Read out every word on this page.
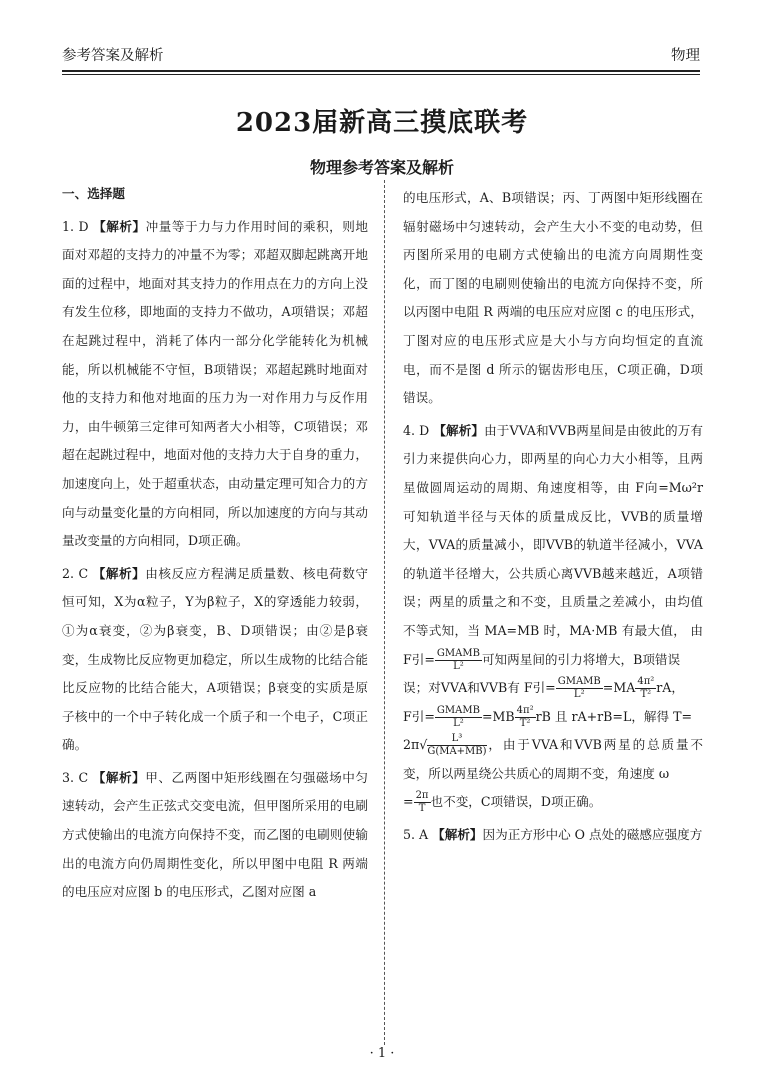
参考答案及解析	物理
2023届新高三摸底联考
物理参考答案及解析

一、选择题

1. D 【解析】冲量等于力与力作用时间的乘积，则地面对邓超的支持力的冲量不为零；邓超双脚起跳离开地面的过程中，地面对其支持力的作用点在力的方向上没有发生位移，即地面的支持力不做功，A项错误；邓超在起跳过程中，消耗了体内一部分化学能转化为机械能，所以机械能不守恒，B项错误；邓超起跳时地面对他的支持力和他对地面的压力为一对作用力与反作用力，由牛顿第三定律可知两者大小相等，C项错误；邓超在起跳过程中，地面对他的支持力大于自身的重力，加速度向上，处于超重状态，由动量定理可知合力的方向与动量变化量的方向相同，所以加速度的方向与其动量改变量的方向相同，D项正确。

2. C 【解析】由核反应方程满足质量数、核电荷数守恒可知，X为α粒子，Y为β粒子，X的穿透能力较弱，①为α衰变，②为β衰变，B、D项错误；由②是β衰变，生成物比反应物更加稳定，所以生成物的比结合能比反应物的比结合能大，A项错误；β衰变的实质是原子核中的一个中子转化成一个质子和一个电子，C项正确。

3. C 【解析】甲、乙两图中矩形线圈在匀强磁场中匀速转动，会产生正弦式交变电流，但甲图所采用的电刷方式使输出的电流方向保持不变，而乙图的电刷则使输出的电流方向仍周期性变化，所以甲图中电阻 R 两端的电压应对应图 b 的电压形式，乙图对应图 a

的电压形式，A、B项错误；丙、丁两图中矩形线圈在辐射磁场中匀速转动，会产生大小不变的电动势，但丙图所采用的电刷方式使输出的电流方向周期性变化，而丁图的电刷则使输出的电流方向保持不变，所以丙图中电阻 R 两端的电压应对应图 c 的电压形式，丁图对应的电压形式应是大小与方向均恒定的直流电，而不是图 d 所示的锯齿形电压，C项正确，D项错误。

4. D 【解析】由于VVA和VVB两星间是由彼此的万有引力来提供向心力，即两星的向心力大小相等，且两星做圆周运动的周期、角速度相等，由 F向=Mω²r 可知轨道半径与天体的质量成反比，VVB的质量增大，VVA的质量减小，即VVB的轨道半径减小，VVA的轨道半径增大，公共质心离VVB越来越近，A项错误；两星的质量之和不变，且质量之差减小，由均值不等式知，当 MA=MB 时，MA·MB 有最大值， 由 F引= $\frac{\text{GMAMB}}{\text{L²}}$ 可知两星间的引力将增大，B项错误
误；对VVA和VVB有 F引= $\frac{\text{GMAMB}}{\text{L²}} =MA \frac{\text{4π²}}{\text{T²}}$ rA，
F引= $\frac{\text{GMAMB}}{\text{L²}} =MB \frac{\text{4π²}}{\text{T²}}$ rB 且 rA+rB=L，解得 T=
$2\pi√ \frac{\text{L³}}{G(MA+MB)}$ ，由于VVA和VVB两星的总质量不变，所以两星绕公共质心的周期不变，角速度 ω
= $\frac{2\pi}{T}$ 也不变，C项错误，D项正确。

5. A 【解析】因为正方形中心 O 点处的磁感应强度方

· 1 ·
